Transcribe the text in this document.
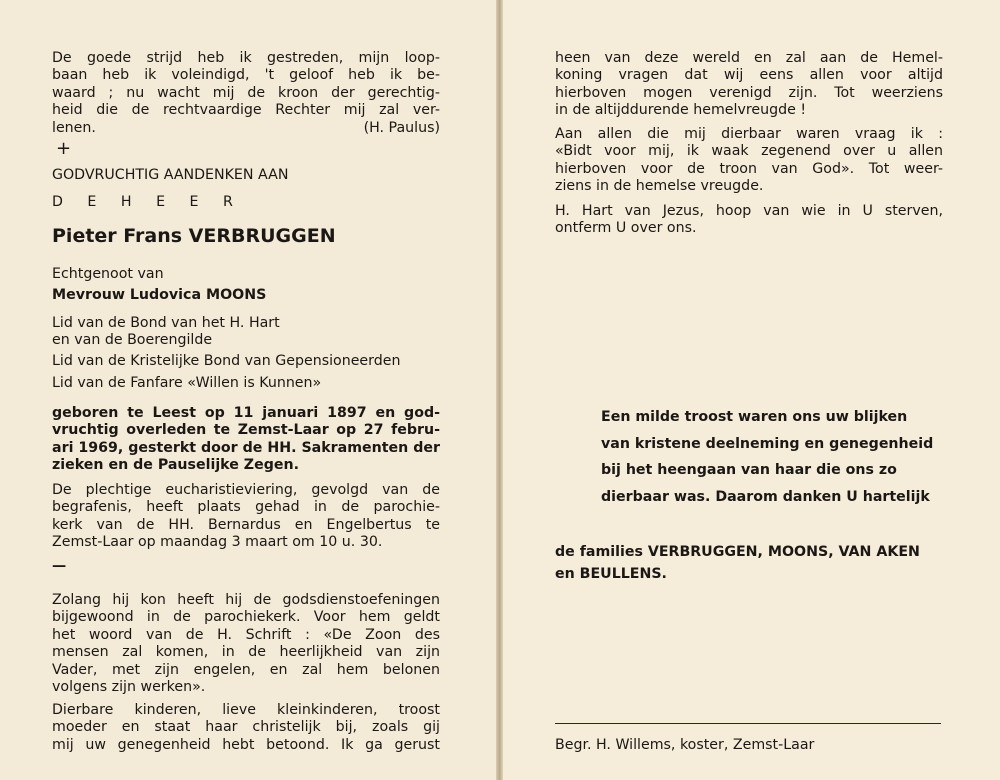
De goede strijd heb ik gestreden, mijn loop-
baan heb ik voleindigd, 't geloof heb ik be-
waard ; nu wacht mij de kroon der gerechtig-
heid die de rechtvaardige Rechter mij zal ver-
lenen.	(H. Paulus)
+
GODVRUCHTIG AANDENKEN AAN
D E H E E R
Pieter Frans VERBRUGGEN
Echtgenoot van
Mevrouw Ludovica MOONS
Lid van de Bond van het H. Hart
en van de Boerengilde
Lid van de Kristelijke Bond van Gepensioneerden
Lid van de Fanfare «Willen is Kunnen»
geboren te Leest op 11 januari 1897 en god-
vruchtig overleden te Zemst-Laar op 27 febru-
ari 1969, gesterkt door de HH. Sakramenten der
zieken en de Pauselijke Zegen.
De plechtige eucharistieviering, gevolgd van de
begrafenis, heeft plaats gehad in de parochie-
kerk van de HH. Bernardus en Engelbertus te
Zemst-Laar op maandag 3 maart om 10 u. 30.
—
Zolang hij kon heeft hij de godsdienstoefeningen
bijgewoond in de parochiekerk. Voor hem geldt
het woord van de H. Schrift : «De Zoon des
mensen zal komen, in de heerlijkheid van zijn
Vader, met zijn engelen, en zal hem belonen
volgens zijn werken».
Dierbare kinderen, lieve kleinkinderen, troost
moeder en staat haar christelijk bij, zoals gij
mij uw genegenheid hebt betoond. Ik ga gerust
heen van deze wereld en zal aan de Hemel-
koning vragen dat wij eens allen voor altijd
hierboven mogen verenigd zijn. Tot weerziens
in de altijddurende hemelvreugde !
Aan allen die mij dierbaar waren vraag ik :
«Bidt voor mij, ik waak zegenend over u allen
hierboven voor de troon van God». Tot weer-
ziens in de hemelse vreugde.
H. Hart van Jezus, hoop van wie in U sterven,
ontferm U over ons.
Een milde troost waren ons uw blijken
van kristene deelneming en genegenheid
bij het heengaan van haar die ons zo
dierbaar was. Daarom danken U hartelijk
de families VERBRUGGEN, MOONS, VAN AKEN
en BEULLENS.
Begr. H. Willems, koster, Zemst-Laar
